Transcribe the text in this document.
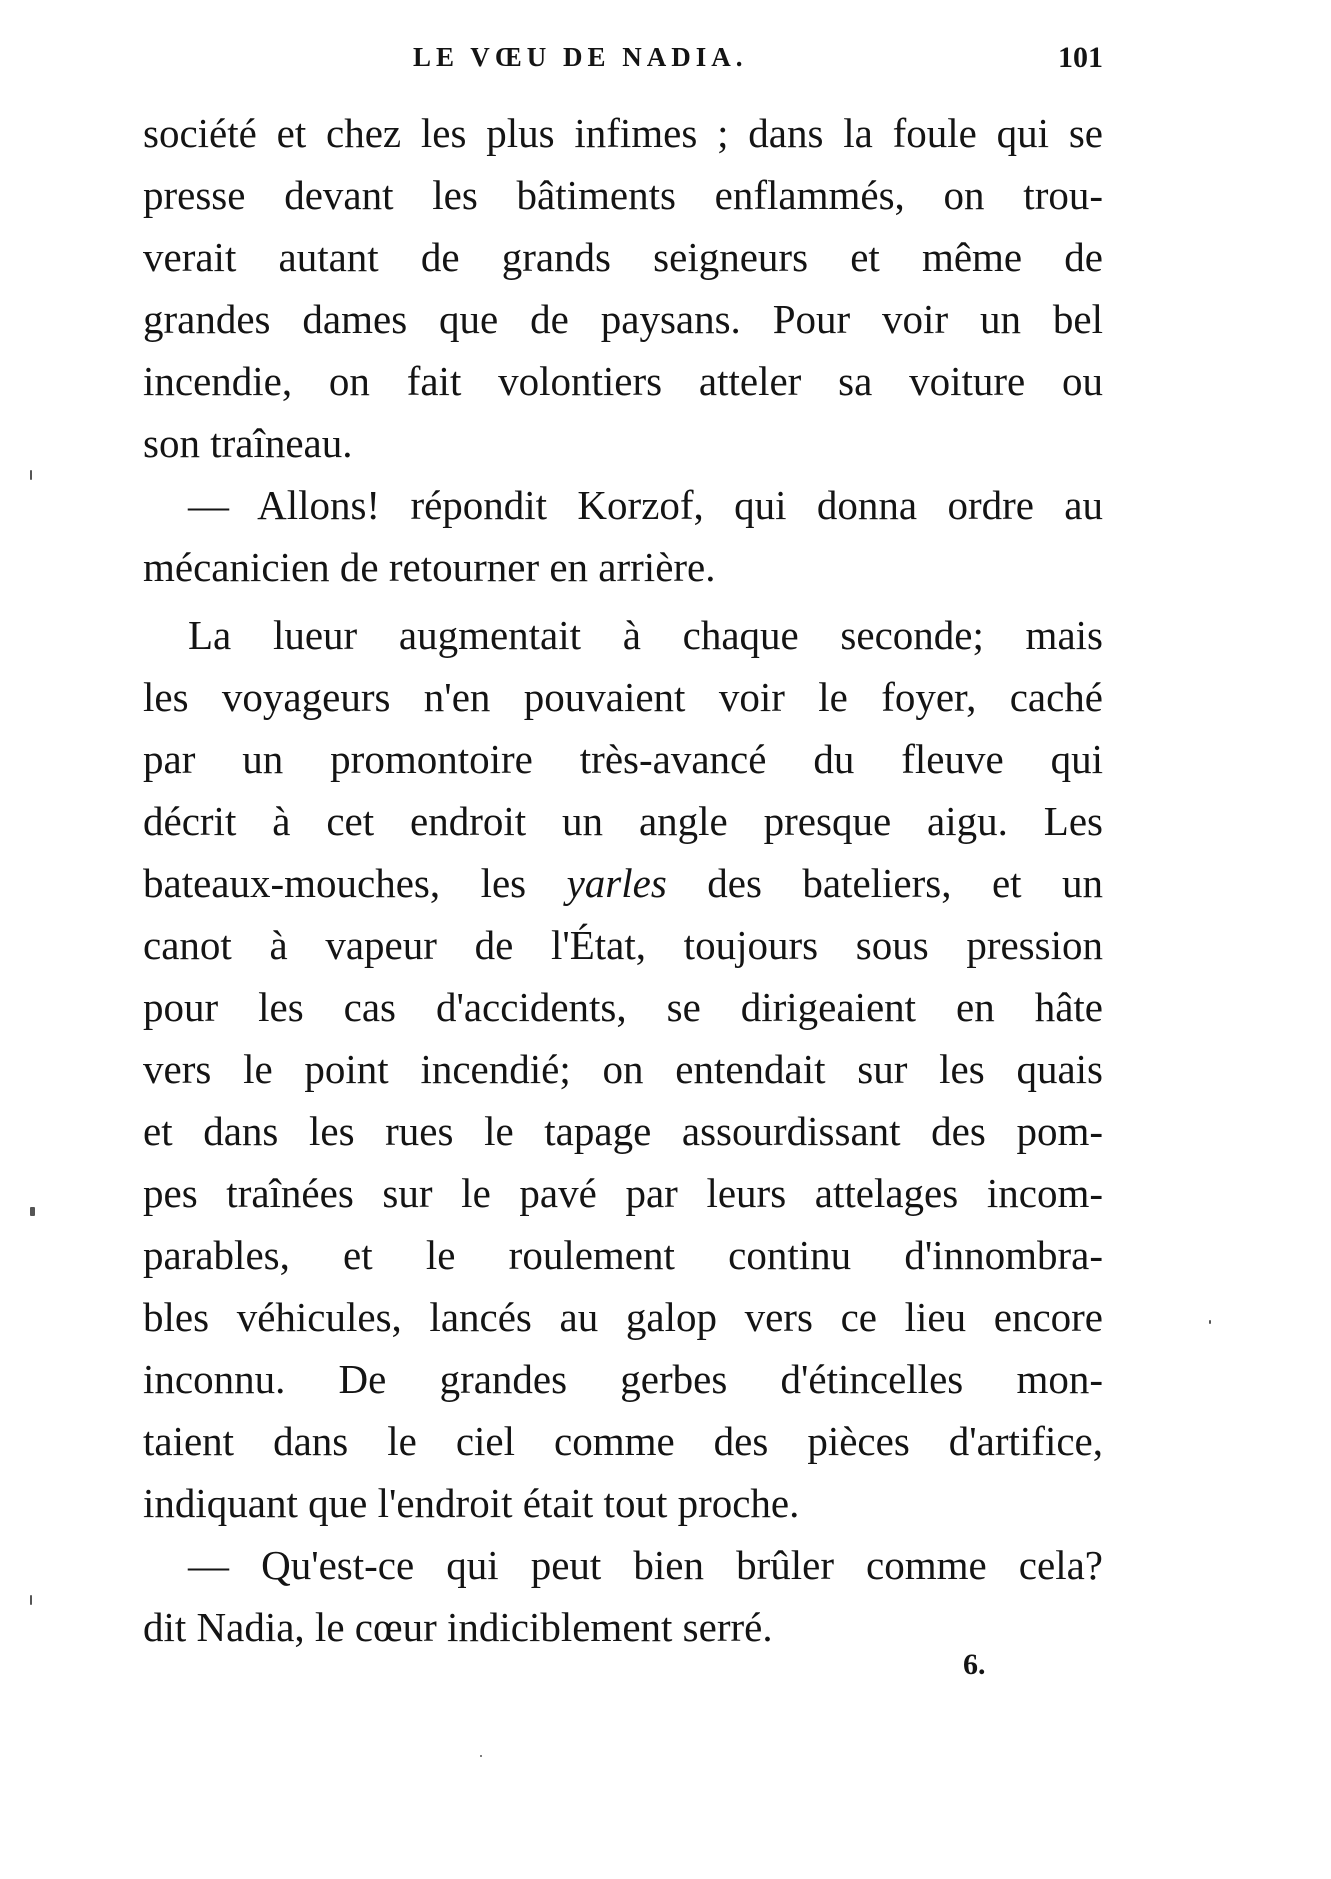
LE VŒU DE NADIA.	101
société et chez les plus infimes ; dans la foule qui se
presse devant les bâtiments enflammés, on trou-
verait autant de grands seigneurs et même de
grandes dames que de paysans. Pour voir un bel
incendie, on fait volontiers atteler sa voiture ou
son traîneau.
— Allons! répondit Korzof, qui donna ordre au
mécanicien de retourner en arrière.
La lueur augmentait à chaque seconde; mais
les voyageurs n'en pouvaient voir le foyer, caché
par un promontoire très-avancé du fleuve qui
décrit à cet endroit un angle presque aigu. Les
bateaux-mouches, les yarles des bateliers, et un
canot à vapeur de l'État, toujours sous pression
pour les cas d'accidents, se dirigeaient en hâte
vers le point incendié; on entendait sur les quais
et dans les rues le tapage assourdissant des pom-
pes traînées sur le pavé par leurs attelages incom-
parables, et le roulement continu d'innombra-
bles véhicules, lancés au galop vers ce lieu encore
inconnu. De grandes gerbes d'étincelles mon-
taient dans le ciel comme des pièces d'artifice,
indiquant que l'endroit était tout proche.
— Qu'est-ce qui peut bien brûler comme cela?
dit Nadia, le cœur indiciblement serré.
6.
